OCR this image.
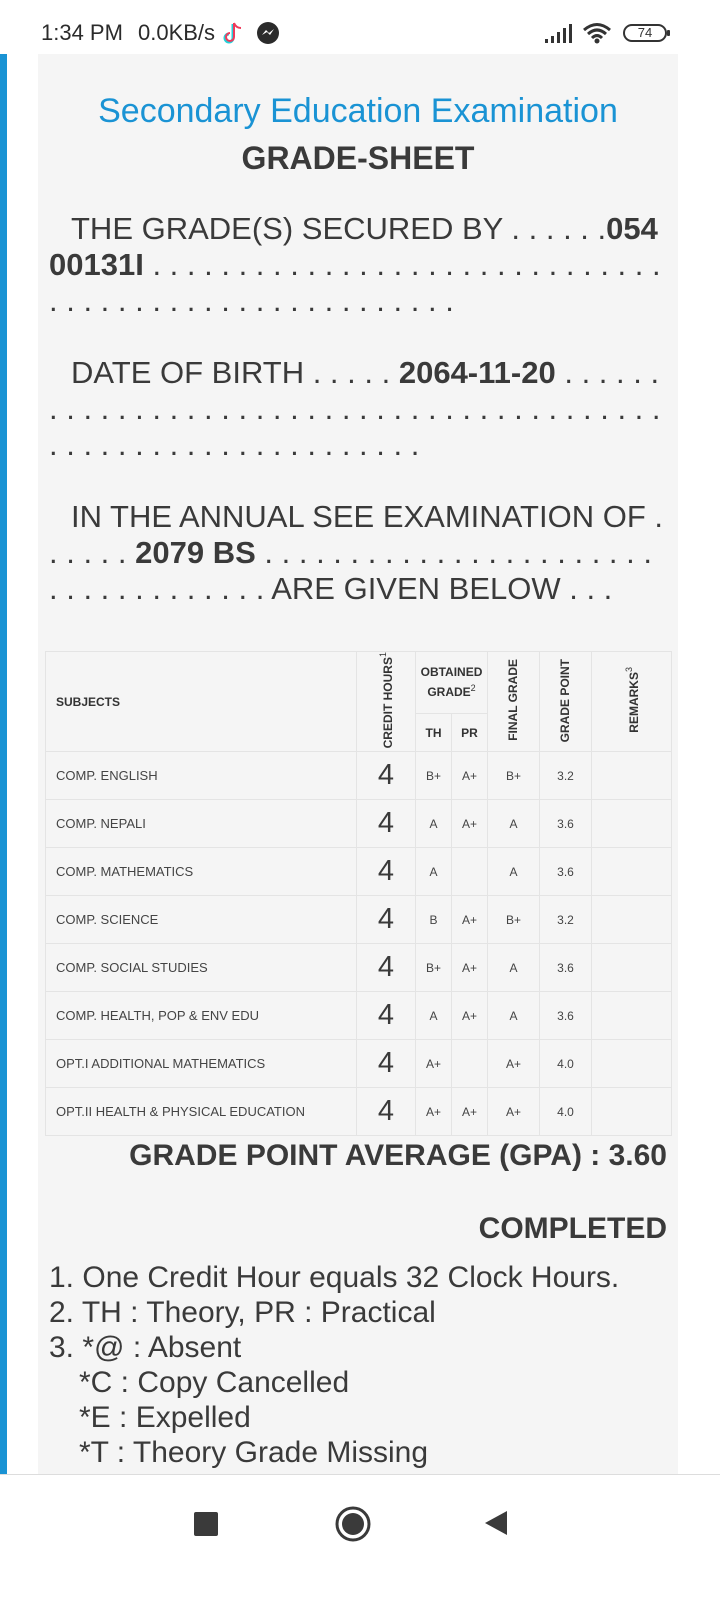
1:34 PM 0.0KB/s	74
Secondary Education Examination
GRADE-SHEET
THE GRADE(S) SECURED BY . . . . . .05400131I . . . . . . . . . . . . . . . . . . . . . . . . . . . . . . . . . . . . . . . . . . . . . . . . . . . . . .
DATE OF BIRTH . . . . . 2064-11-20 . . . . . . . . . . . . . . . . . . . . . . . . . . . . . . . . . . . . . . . . . . . . . . . . . . . . . . . . . . . . . . . .
IN THE ANNUAL SEE EXAMINATION OF . . . . . . 2079 BS . . . . . . . . . . . . . . . . . . . . . . . . . . . . . . . . . . . . ARE GIVEN BELOW . . .
SUBJECTS	CREDIT HOURS$^1$	OBTAINED GRADE$^2$		FINAL GRADE	GRADE POINT	REMARKS$^3$
		TH	PR			
COMP. ENGLISH	4	B+	A+	B+	3.2	
COMP. NEPALI	4	A	A+	A	3.6	
COMP. MATHEMATICS	4	A		A	3.6	
COMP. SCIENCE	4	B	A+	B+	3.2	
COMP. SOCIAL STUDIES	4	B+	A+	A	3.6	
COMP. HEALTH, POP & ENV EDU	4	A	A+	A	3.6	
OPT.I ADDITIONAL MATHEMATICS	4	A+		A+	4.0	
OPT.II HEALTH & PHYSICAL EDUCATION	4	A+	A+	A+	4.0	
GRADE POINT AVERAGE (GPA) : 3.60
COMPLETED
1. One Credit Hour equals 32 Clock Hours.
2. TH : Theory, PR : Practical
3. *@ : Absent
*C : Copy Cancelled
*E : Expelled
*T : Theory Grade Missing
